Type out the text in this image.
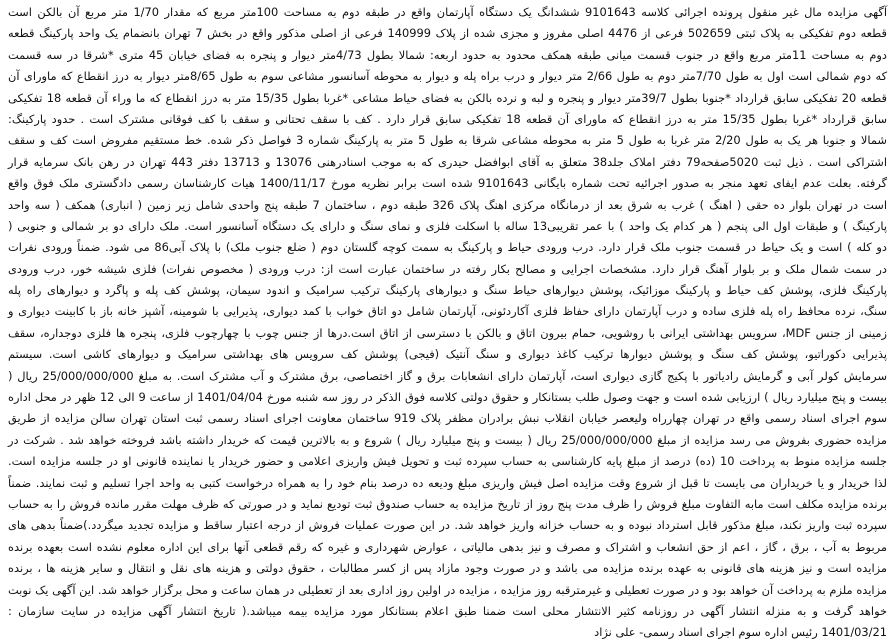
آگهی مزایده مال غیر منقول پرونده اجرائی کلاسه 9101643 ششدانگ یک دستگاه آپارتمان واقع در طبقه دوم به مساحت 100متر مربع که مقدار 1/70 متر مربع آن بالکن است
قطعه دوم تفکیکی به پلاک ثبتی 502659 فرعی از 4476 اصلی مفروز و مجزی شده از پلاک 140999 فرعی از اصلی مذکور واقع در بخش 7 تهران بانضمام یک واحد پارکینگ قطعه
دوم به مساحت 11متر مربع واقع در جنوب قسمت میانی طبقه همکف محدود به حدود اربعه: شمالا بطول 4/73متر دیوار و پنجره به فضای خیابان 45 متری *شرقا در سه قسمت
که دوم شمالی است اول به طول 7/70متر دوم به طول 2/66 متر دیوار و درب براه پله و دیوار به محوطه آسانسور مشاعی سوم به طول 8/65متر دیوار به درز انقطاع که ماورای آن
قطعه 20 تفکیکی سابق قرارداد *جنوبا بطول 39/7متر دیوار و پنجره و لبه و نرده بالکن به فضای حیاط مشاعی *غربا بطول 15/35 متر به درز انقطاع که ما وراء آن قطعه 18 تفکیکی
سابق قرارداد *غربا بطول 15/35 متر به درز انقطاع که ماورای آن قطعه 18 تفکیکی سابق قرار دارد . کف با سقف تحتانی و سقف با کف فوقانی مشترک است . حدود پارکینگ:
شمالا و جنوبا هر یک به طول 2/20 متر غربا به طول 5 متر به محوطه مشاعی شرقا به طول 5 متر به پارکینگ شماره 3 فواصل ذکر شده. خط مستقیم مفروض است کف و سقف
اشتراکی است . ذیل ثبت 5020صفحه79 دفتر املاک جلد38 متعلق به آقای ابوافضل حیدری که به موجب اسنادرهنی 13076 و 13713 دفتر 443 تهران در رهن بانک سرمایه قرار
گرفته. بعلت عدم ایفای تعهد منجر به صدور اجرائیه تحت شماره بایگانی 9101643 شده است برابر نظریه مورخ 1400/11/17 هیات کارشناسان رسمی دادگستری ملک فوق واقع
است در تهران بلوار ده حقی ( اهنگ ) غرب به شرق بعد از درمانگاه مرکزی اهنگ پلاک 326 طبقه دوم ، ساختمان 7 طبقه پنج واحدی شامل زیر زمین ( انباری) همکف ( سه واحد
پارکینگ ) و طبقات اول الی پنجم ( هر کدام یک واحد ) با عمر تقریبی13 ساله با اسکلت فلزی و نمای سنگ و دارای یک دستگاه آسانسور است. ملک دارای دو بر شمالی و جنوبی (
دو کله ) است و یک حیاط در قسمت جنوب ملک قرار دارد. درب ورودی حیاط و پارکینگ به سمت کوچه گلستان دوم ( ضلع جنوب ملک) با پلاک آبی86 می شود. ضمناً ورودی نفرات
در سمت شمال ملک و بر بلوار آهنگ قرار دارد. مشخصات اجرایی و مصالح بکار رفته در ساختمان عبارت است از: درب ورودی ( مخصوص نفرات) فلزی شیشه خور، درب ورودی
پارکینگ فلزی، پوشش کف حیاط و پارکینگ موزائیک، پوشش دیوارهای حیاط سنگ و دیوارهای پارکینگ ترکیب سرامیک و اندود سیمان، پوشش کف پله و پاگرد و دیوارهای راه پله
سنگ، نرده محافظ راه پله فلزی ساده و درب آپارتمان دارای حفاظ فلزی آکاردئونی، آپارتمان شامل دو اتاق خواب با کمد دیواری، پذیرایی با شومینه، آشپز خانه باز با کابینت دیواری و
زمینی از جنس MDF، سرویس بهداشتی ایرانی با روشویی، حمام بیرون اتاق و بالکن با دسترسی از اتاق است.درها از جنس چوب با چهارچوب فلزی، پنجره ها فلزی دوجداره، سقف
پذیرایی دکوراتیو، پوشش کف سنگ و پوشش دیوارها ترکیب کاغذ دیواری و سنگ آنتیک (فیجی) پوشش کف سرویس های بهداشتی سرامیک و دیوارهای کاشی است. سیستم
سرمایش کولر آبی و گرمایش رادیاتور با پکیج گازی دیواری است، آپارتمان دارای انشعابات برق و گاز اختصاصی، برق مشترک و آب مشترک است. به مبلغ 25/000/000/000 ریال (
بیست و پنج میلیارد ریال ) ارزیابی شده است و جهت وصول طلب بستانکار و حقوق دولتی کلاسه فوق الذکر در روز سه شنبه مورخ 1401/04/04 از ساعت 9 الی 12 ظهر در محل اداره
سوم اجرای اسناد رسمی واقع در تهران چهارراه ولیعصر خیابان انقلاب نبش برادران مظفر پلاک 919 ساختمان معاونت اجرای اسناد رسمی ثبت استان تهران سالن مزایده از طریق
مزایده حضوری بفروش می رسد مزایده از مبلغ 25/000/000/000 ریال ( بیست و پنج میلیارد ریال ) شروع و به بالاترین قیمت که خریدار داشته باشد فروخته خواهد شد . شرکت در
جلسه مزایده منوط به پرداخت 10 (ده) درصد از مبلغ پایه کارشناسی به حساب سپرده ثبت و تحویل فیش واریزی اعلامی و حضور خریدار یا نماینده قانونی او در جلسه مزایده است.
لذا خریدار و یا خریداران می بایست تا قبل از شروع وقت مزایده اصل فیش واریزی مبلغ ودیعه ده درصد بنام خود را به همراه درخواست کتبی به واحد اجرا تسلیم و ثبت نمایند. ضمناً
برنده مزایده مکلف است مابه التفاوت مبلغ فروش را ظرف مدت پنج روز از تاریخ مزایده به حساب صندوق ثبت تودیع نماید و در صورتی که ظرف مهلت مقرر مانده فروش را به حساب
سپرده ثبت واریز نکند، مبلغ مذکور قابل استرداد نبوده و به حساب خزانه واریز خواهد شد. در این صورت عملیات فروش از درجه اعتبار ساقط و مزایده تجدید میگردد.)ضمناً بدهی های
مربوط به آب ، برق ، گاز ، اعم از حق انشعاب و اشتراک و مصرف و نیز بدهی مالیاتی ، عوارض شهرداری و غیره که رقم قطعی آنها برای این اداره معلوم نشده است بعهده برنده
مزایده است و نیز هزینه های قانونی به عهده برنده مزایده می باشد و در صورت وجود مازاد پس از کسر مطالبات ، حقوق دولتی و هزینه های نقل و انتقال و سایر هزینه ها ، برنده
مزایده ملزم به پرداخت آن خواهد بود و در صورت تعطیلی و غیرمترقبه روز مزایده ، مزایده در اولین روز اداری بعد از تعطیلی در همان ساعت و محل برگزار خواهد شد. این آگهی یک نوبت
خواهد گرفت و به منزله انتشار آگهی در روزنامه کثیر الانتشار محلی است ضمنا طبق اعلام بستانکار مورد مزایده بیمه میباشد.( تاریخ انتشار آگهی مزایده در سایت سازمان :
1401/03/21 رئیس اداره سوم اجرای اسناد رسمی- علی نژاد
